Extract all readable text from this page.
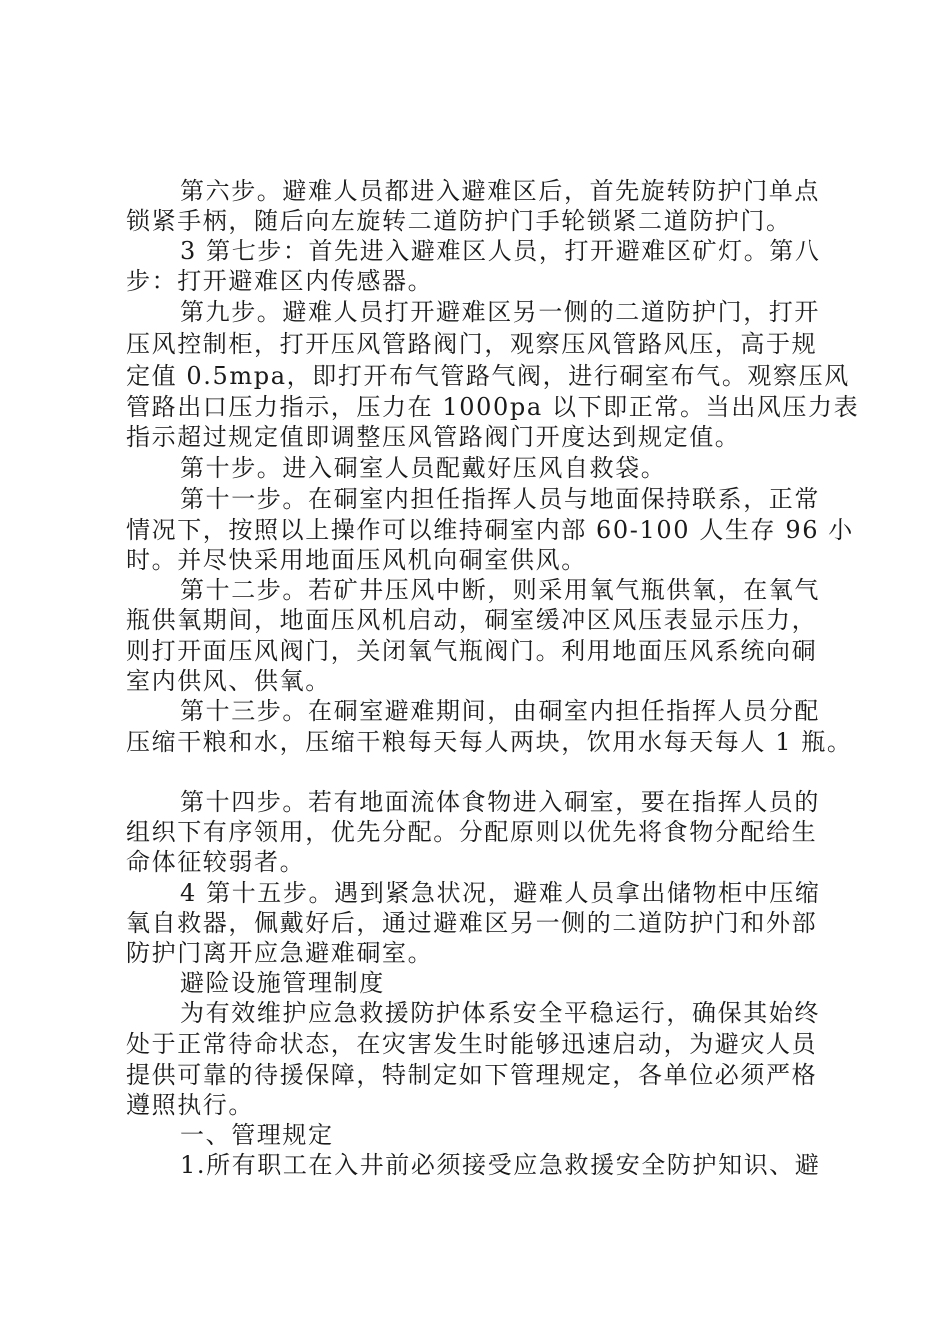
第六步。避难人员都进入避难区后，首先旋转防护门单点
锁紧手柄，随后向左旋转二道防护门手轮锁紧二道防护门。
3 第七步：首先进入避难区人员，打开避难区矿灯。第八
步：打开避难区内传感器。
第九步。避难人员打开避难区另一侧的二道防护门，打开
压风控制柜，打开压风管路阀门，观察压风管路风压，高于规
定值 0.5mpa，即打开布气管路气阀，进行硐室布气。观察压风
管路出口压力指示，压力在 1000pa 以下即正常。当出风压力表
指示超过规定值即调整压风管路阀门开度达到规定值。
第十步。进入硐室人员配戴好压风自救袋。
第十一步。在硐室内担任指挥人员与地面保持联系，正常
情况下，按照以上操作可以维持硐室内部 60-100 人生存 96 小
时。并尽快采用地面压风机向硐室供风。
第十二步。若矿井压风中断，则采用氧气瓶供氧，在氧气
瓶供氧期间，地面压风机启动，硐室缓冲区风压表显示压力，
则打开面压风阀门，关闭氧气瓶阀门。利用地面压风系统向硐
室内供风、供氧。
第十三步。在硐室避难期间，由硐室内担任指挥人员分配
压缩干粮和水，压缩干粮每天每人两块，饮用水每天每人 1 瓶。
第十四步。若有地面流体食物进入硐室，要在指挥人员的
组织下有序领用，优先分配。分配原则以优先将食物分配给生
命体征较弱者。
4 第十五步。遇到紧急状况，避难人员拿出储物柜中压缩
氧自救器，佩戴好后，通过避难区另一侧的二道防护门和外部
防护门离开应急避难硐室。
避险设施管理制度
为有效维护应急救援防护体系安全平稳运行，确保其始终
处于正常待命状态，在灾害发生时能够迅速启动，为避灾人员
提供可靠的待援保障，特制定如下管理规定，各单位必须严格
遵照执行。
一、管理规定
1.所有职工在入井前必须接受应急救援安全防护知识、避
